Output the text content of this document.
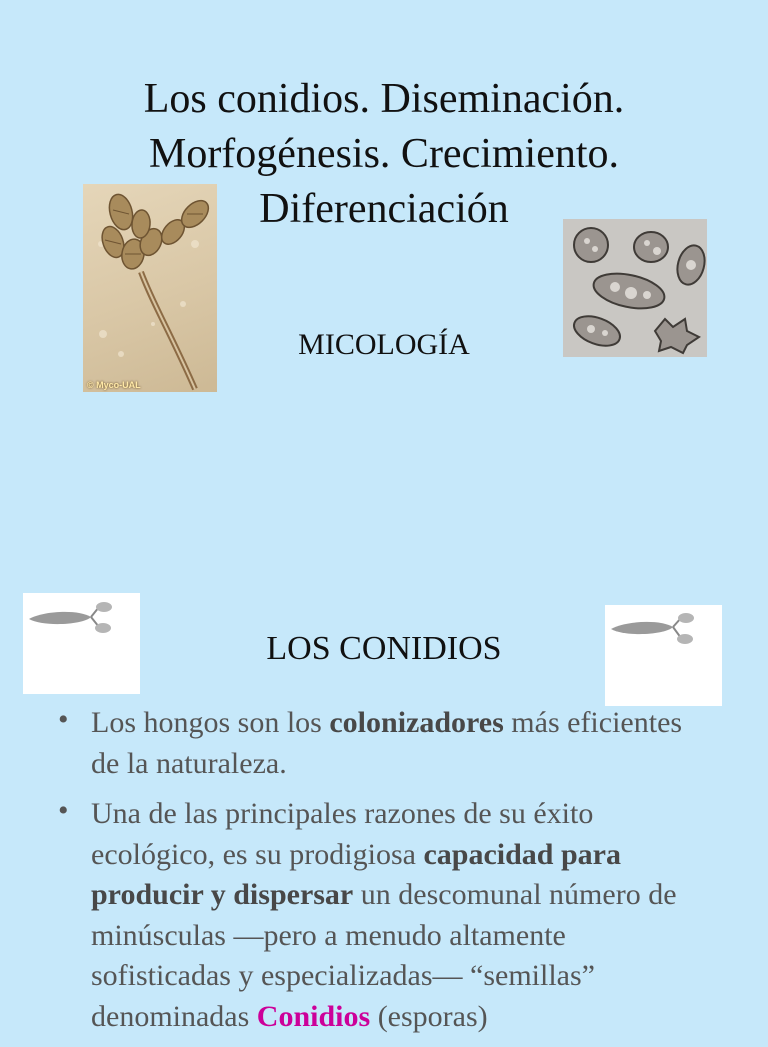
Los conidios. Diseminación.
Morfogénesis. Crecimiento.
Diferenciación
© Myco-UAL

MICOLOGÍA

LOS CONIDIOS
• Los hongos son los colonizadores más eficientes de la naturaleza.
• Una de las principales razones de su éxito ecológico, es su prodigiosa capacidad para producir y dispersar un descomunal número de minúsculas —pero a menudo altamente sofisticadas y especializadas— “semillas” denominadas Conidios (esporas)
